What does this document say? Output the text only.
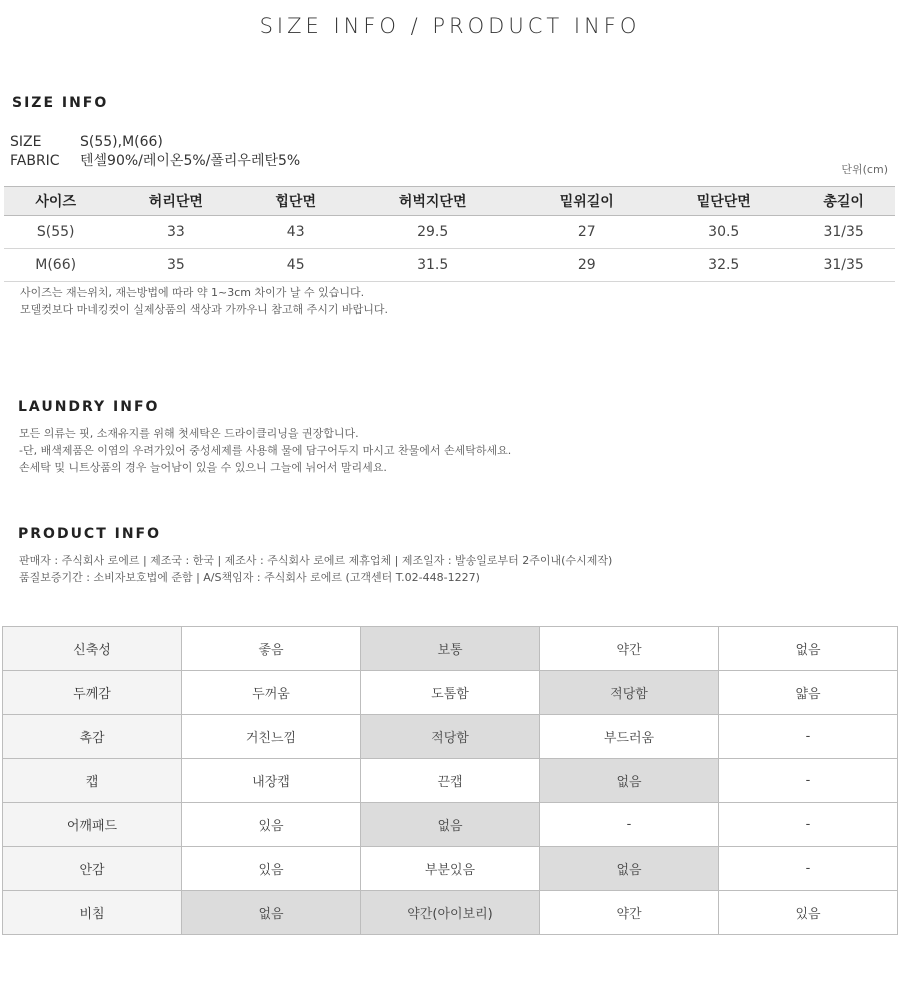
SIZE INFO / PRODUCT INFO
SIZE INFO
SIZE	S(55),M(66)
FABRIC 텐셀90%/레이온5%/폴리우레탄5%
단위(cm)
사이즈	허리단면	힙단면	허벅지단면	밑위길이	밑단단면	총길이
S(55)	33	43	29.5	27	30.5	31/35
M(66)	35	45	31.5	29	32.5	31/35
사이즈는 재는위치, 재는방법에 따라 약 1~3cm 차이가 날 수 있습니다.
모델컷보다 마네킹컷이 실제상품의 색상과 가까우니 참고해 주시기 바랍니다.
LAUNDRY INFO
모든 의류는 핏, 소재유지를 위해 첫세탁은 드라이클리닝을 권장합니다.
-단, 배색제품은 이염의 우려가있어 중성세제를 사용해 물에 담구어두지 마시고 찬물에서 손세탁하세요.
손세탁 및 니트상품의 경우 늘어남이 있을 수 있으니 그늘에 뉘어서 말리세요.
PRODUCT INFO
판매자 : 주식회사 로에르 | 제조국 : 한국 | 제조사 : 주식회사 로에르 제휴업체 | 제조일자 : 발송일로부터 2주이내(수시제작)
품질보증기간 : 소비자보호법에 준함 | A/S책임자 : 주식회사 로에르 (고객센터 T.02-448-1227)
신축성	좋음	보통	약간	없음
두께감	두꺼움	도톰함	적당함	얇음
촉감	거친느낌	적당함	부드러움	-
캡	내장캡	끈캡	없음	-
어깨패드	있음	없음	-	-
안감	있음	부분있음	없음	-
비침	없음	약간(아이보리)	약간	있음
